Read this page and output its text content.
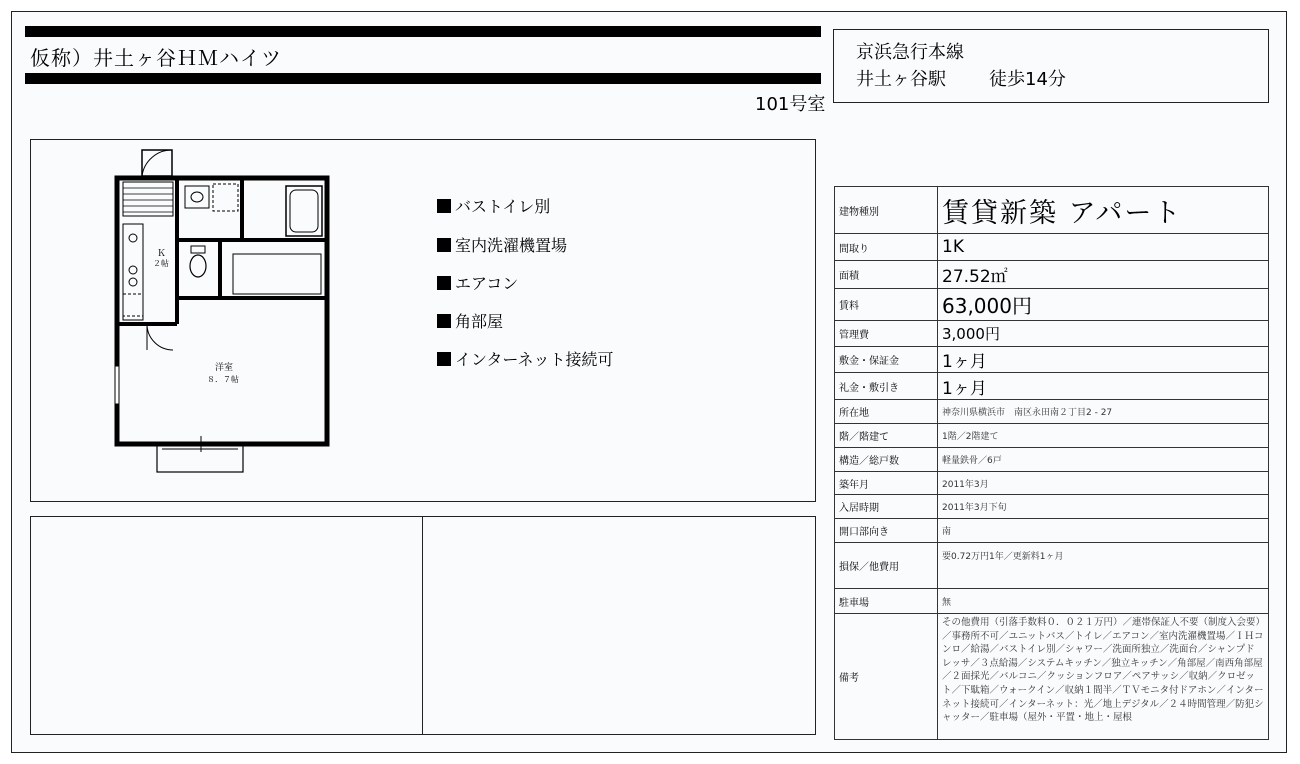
仮称）井土ヶ谷ＨＭハイツ
101号室
京浜急行本線
井土ヶ谷駅 徒歩14分
Ｋ
２帖
洋室
８．７帖
バストイレ別
室内洗濯機置場
エアコン
角部屋
インターネット接続可
建物種別	賃貸新築 アパート
間取り	1K
面積	27.52㎡
賃料	63,000円
管理費	3,000円
敷金・保証金	1ヶ月
礼金・敷引き	1ヶ月
所在地	神奈川県横浜市　南区永田南２丁目2 - 27
階／階建て	1階／2階建て
構造／総戸数	軽量鉄骨／6戸
築年月	2011年3月
入居時期	2011年3月下旬
開口部向き	南
損保／他費用	要0.72万円1年／更新料1ヶ月
駐車場	無
備考	その他費用（引落手数料０．０２１万円）／連帯保証人不要（制度入会要）／事務所不可／ユニットバス／トイレ／エアコン／室内洗濯機置場／ＩＨコンロ／給湯／バストイレ別／シャワー／洗面所独立／洗面台／シャンプドレッサ／３点給湯／システムキッチン／独立キッチン／角部屋／南西角部屋／２面採光／バルコニ／クッションフロア／ペアサッシ／収納／クロゼット／下駄箱／ウォークイン／収納１間半／ＴＶモニタ付ドアホン／インターネット接続可／インターネット：光／地上デジタル／２４時間管理／防犯シャッター／駐車場（屋外・平置・地上・屋根
